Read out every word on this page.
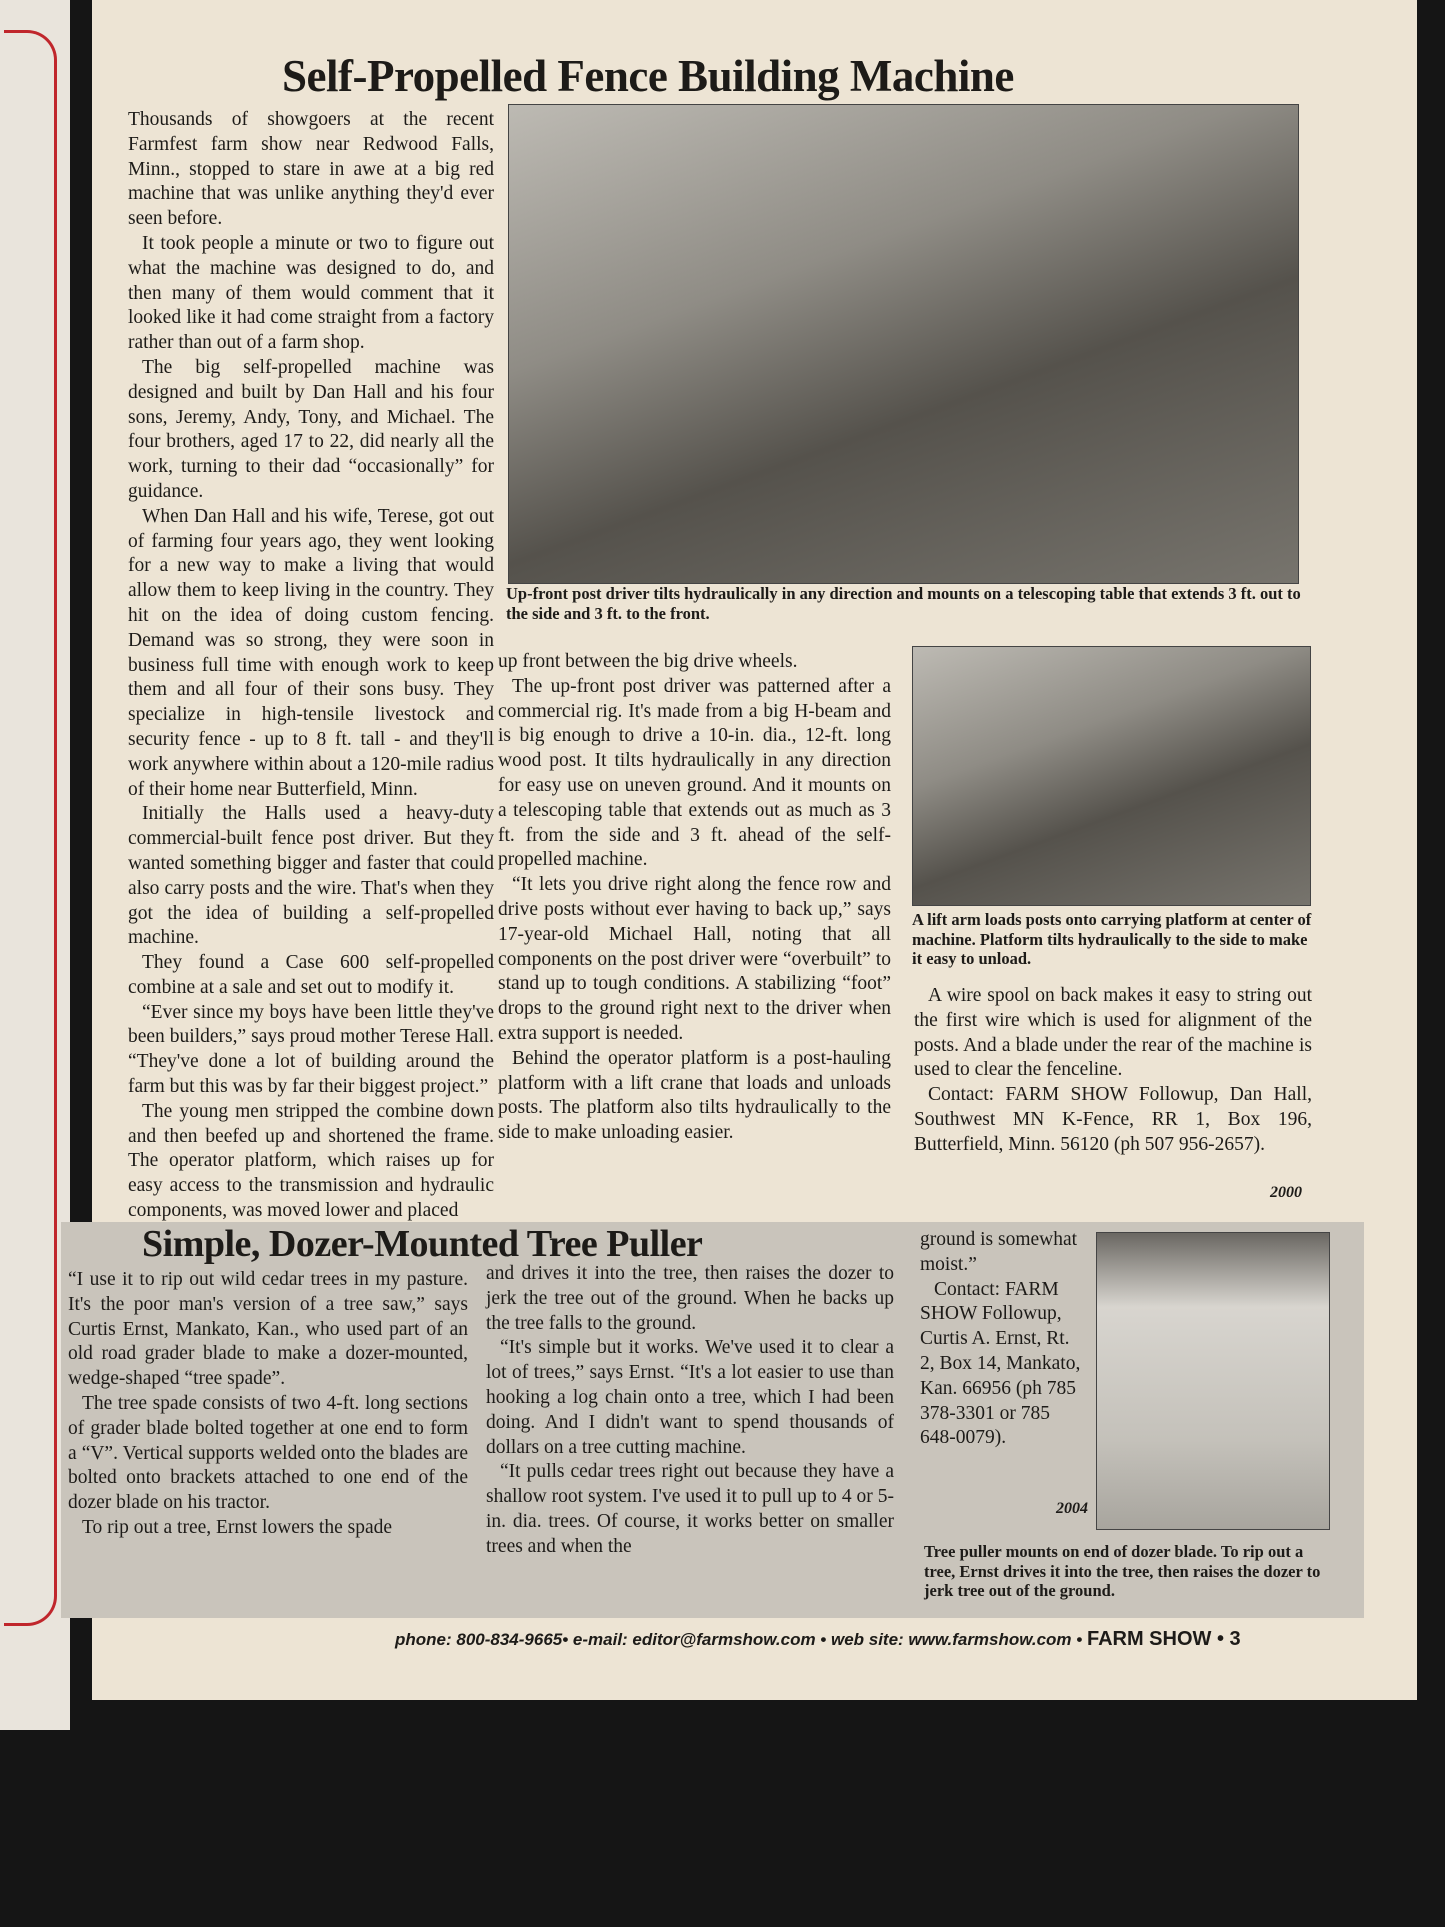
Self-Propelled Fence Building Machine

Thousands of showgoers at the recent Farmfest farm show near Redwood Falls, Minn., stopped to stare in awe at a big red machine that was unlike anything they'd ever seen before.

It took people a minute or two to figure out what the machine was designed to do, and then many of them would comment that it looked like it had come straight from a factory rather than out of a farm shop.

The big self-propelled machine was designed and built by Dan Hall and his four sons, Jeremy, Andy, Tony, and Michael. The four brothers, aged 17 to 22, did nearly all the work, turning to their dad “occasionally” for guidance.

When Dan Hall and his wife, Terese, got out of farming four years ago, they went looking for a new way to make a living that would allow them to keep living in the country. They hit on the idea of doing custom fencing. Demand was so strong, they were soon in business full time with enough work to keep them and all four of their sons busy. They specialize in high-tensile livestock and security fence - up to 8 ft. tall - and they'll work anywhere within about a 120-mile radius of their home near Butterfield, Minn.

Initially the Halls used a heavy-duty commercial-built fence post driver. But they wanted something bigger and faster that could also carry posts and the wire. That's when they got the idea of building a self-propelled machine.

They found a Case 600 self-propelled combine at a sale and set out to modify it.

“Ever since my boys have been little they've been builders,” says proud mother Terese Hall. “They've done a lot of building around the farm but this was by far their biggest project.”

The young men stripped the combine down and then beefed up and shortened the frame. The operator platform, which raises up for easy access to the transmission and hydraulic components, was moved lower and placed

Up-front post driver tilts hydraulically in any direction and mounts on a telescoping table that extends 3 ft. out to the side and 3 ft. to the front.

up front between the big drive wheels.

The up-front post driver was patterned after a commercial rig. It's made from a big H-beam and is big enough to drive a 10-in. dia., 12-ft. long wood post. It tilts hydraulically in any direction for easy use on uneven ground. And it mounts on a telescoping table that extends out as much as 3 ft. from the side and 3 ft. ahead of the self-propelled machine.

“It lets you drive right along the fence row and drive posts without ever having to back up,” says 17-year-old Michael Hall, noting that all components on the post driver were “overbuilt” to stand up to tough conditions. A stabilizing “foot” drops to the ground right next to the driver when extra support is needed.

Behind the operator platform is a post-hauling platform with a lift crane that loads and unloads posts. The platform also tilts hydraulically to the side to make unloading easier.

A lift arm loads posts onto carrying platform at center of machine. Platform tilts hydraulically to the side to make it easy to unload.

A wire spool on back makes it easy to string out the first wire which is used for alignment of the posts. And a blade under the rear of the machine is used to clear the fenceline.

Contact: FARM SHOW Followup, Dan Hall, Southwest MN K-Fence, RR 1, Box 196, Butterfield, Minn. 56120 (ph 507 956-2657).

2000
Simple, Dozer-Mounted Tree Puller

“I use it to rip out wild cedar trees in my pasture. It's the poor man's version of a tree saw,” says Curtis Ernst, Mankato, Kan., who used part of an old road grader blade to make a dozer-mounted, wedge-shaped “tree spade”.

The tree spade consists of two 4-ft. long sections of grader blade bolted together at one end to form a “V”. Vertical supports welded onto the blades are bolted onto brackets attached to one end of the dozer blade on his tractor.

To rip out a tree, Ernst lowers the spade

and drives it into the tree, then raises the dozer to jerk the tree out of the ground. When he backs up the tree falls to the ground.

“It's simple but it works. We've used it to clear a lot of trees,” says Ernst. “It's a lot easier to use than hooking a log chain onto a tree, which I had been doing. And I didn't want to spend thousands of dollars on a tree cutting machine.

“It pulls cedar trees right out because they have a shallow root system. I've used it to pull up to 4 or 5-in. dia. trees. Of course, it works better on smaller trees and when the

ground is somewhat moist.”

Contact: FARM SHOW Followup, Curtis A. Ernst, Rt. 2, Box 14, Mankato, Kan. 66956 (ph 785 378-3301 or 785 648-0079).

2004
Tree puller mounts on end of dozer blade. To rip out a tree, Ernst drives it into the tree, then raises the dozer to jerk tree out of the ground.
phone: 800-834-9665• e-mail: editor@farmshow.com • web site: www.farmshow.com • FARM SHOW • 3
